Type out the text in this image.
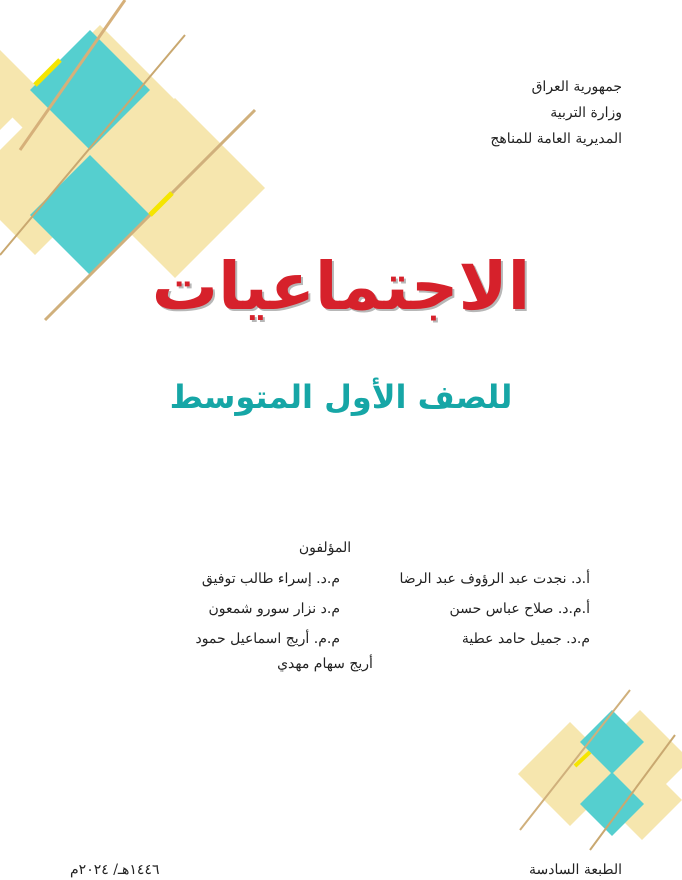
جمهورية العراق
وزارة التربية
المديرية العامة للمناهج
الاجتماعيات
للصف الأول المتوسط
المؤلفون
أ.د. نجدت عبد الرؤوف عبد الرضا
م.د. إسراء طالب توفيق
أ.م.د. صلاح عباس حسن
م.د نزار سورو شمعون
م.د. جميل حامد عطية
م.م. أريج اسماعيل حمود
أريج سهام مهدي
١٤٤٦هـ/ ٢٠٢٤م	الطبعة السادسة
